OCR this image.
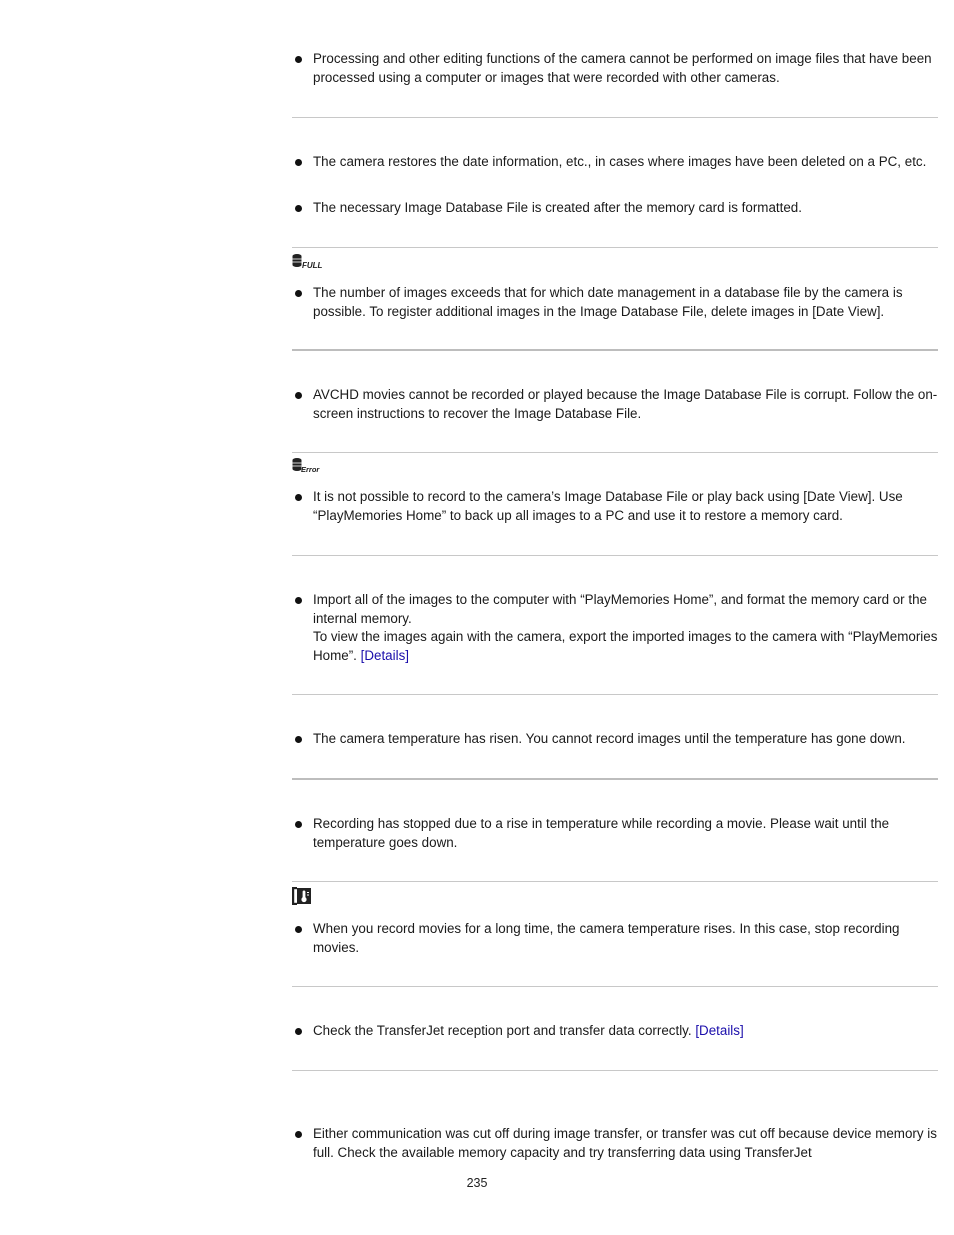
Processing and other editing functions of the camera cannot be performed on image files that have been processed using a computer or images that were recorded with other cameras.
The camera restores the date information, etc., in cases where images have been deleted on a PC, etc.
The necessary Image Database File is created after the memory card is formatted.
FULL
The number of images exceeds that for which date management in a database file by the camera is possible. To register additional images in the Image Database File, delete images in [Date View].
AVCHD movies cannot be recorded or played because the Image Database File is corrupt. Follow the on-screen instructions to recover the Image Database File.
Error
It is not possible to record to the camera’s Image Database File or play back using [Date View]. Use “PlayMemories Home” to back up all images to a PC and use it to restore a memory card.
Import all of the images to the computer with “PlayMemories Home”, and format the memory card or the internal memory.
To view the images again with the camera, export the imported images to the camera with “PlayMemories Home”. [Details]
The camera temperature has risen. You cannot record images until the temperature has gone down.
Recording has stopped due to a rise in temperature while recording a movie. Please wait until the temperature goes down.
When you record movies for a long time, the camera temperature rises. In this case, stop recording movies.
Check the TransferJet reception port and transfer data correctly. [Details]
Either communication was cut off during image transfer, or transfer was cut off because device memory is full. Check the available memory capacity and try transferring data using TransferJet
235
